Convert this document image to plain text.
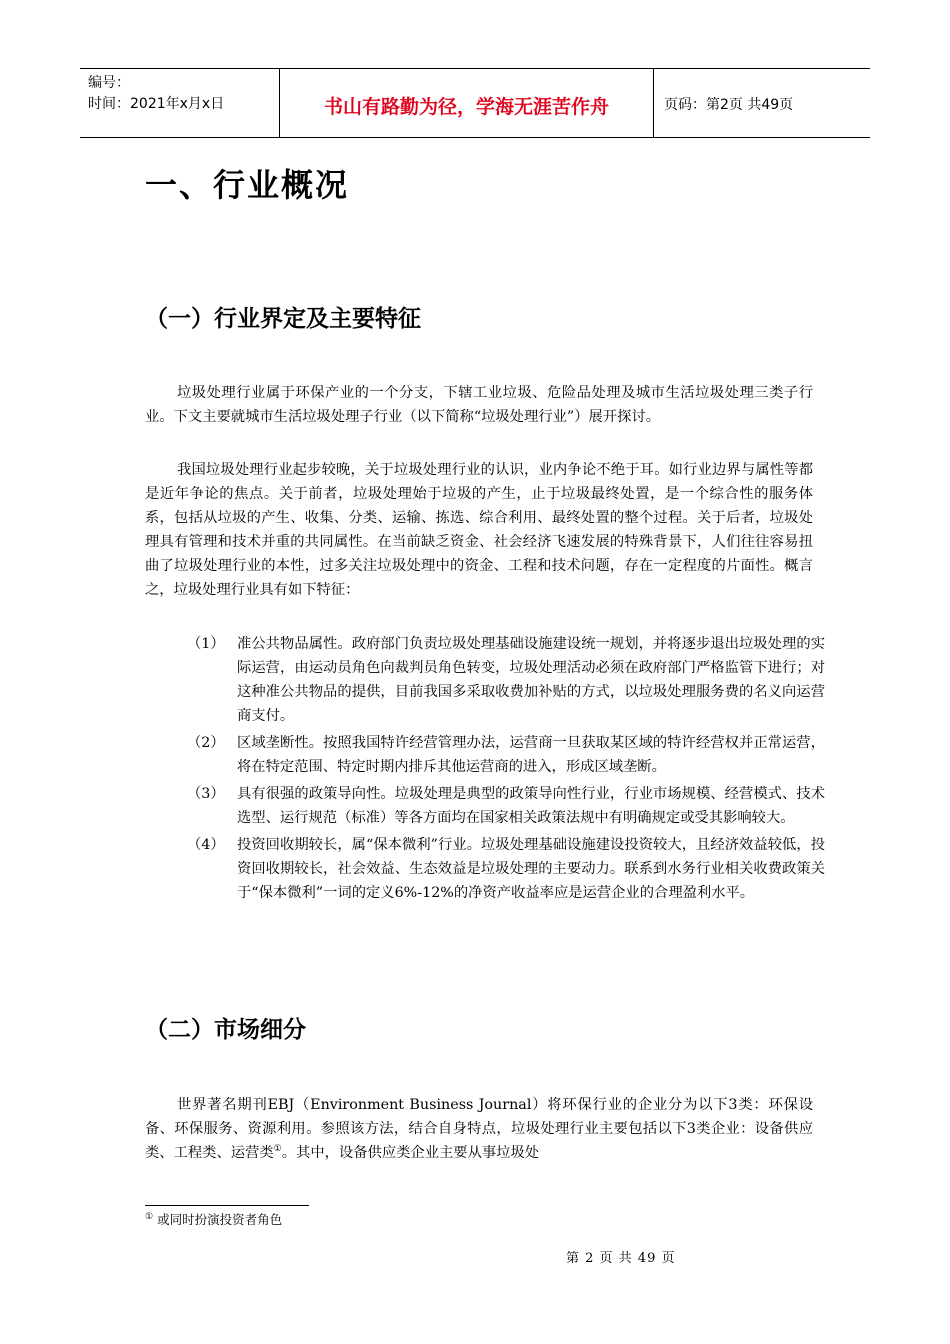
编号：
时间：2021年x月x日	书山有路勤为径，学海无涯苦作舟	页码：第2页 共49页
一、行业概况
（一）行业界定及主要特征

垃圾处理行业属于环保产业的一个分支，下辖工业垃圾、危险品处理及城市生活垃圾处理三类子行业。下文主要就城市生活垃圾处理子行业（以下简称“垃圾处理行业”）展开探讨。

我国垃圾处理行业起步较晚，关于垃圾处理行业的认识，业内争论不绝于耳。如行业边界与属性等都是近年争论的焦点。关于前者，垃圾处理始于垃圾的产生，止于垃圾最终处置，是一个综合性的服务体系，包括从垃圾的产生、收集、分类、运输、拣选、综合利用、最终处置的整个过程。关于后者，垃圾处理具有管理和技术并重的共同属性。在当前缺乏资金、社会经济飞速发展的特殊背景下，人们往往容易扭曲了垃圾处理行业的本性，过多关注垃圾处理中的资金、工程和技术问题，存在一定程度的片面性。概言之，垃圾处理行业具有如下特征：

（1） 准公共物品属性。政府部门负责垃圾处理基础设施建设统一规划，并将逐步退出垃圾处理的实际运营，由运动员角色向裁判员角色转变，垃圾处理活动必须在政府部门严格监管下进行；对这种准公共物品的提供，目前我国多采取收费加补贴的方式，以垃圾处理服务费的名义向运营商支付。
（2） 区域垄断性。按照我国特许经营管理办法，运营商一旦获取某区域的特许经营权并正常运营，将在特定范围、特定时期内排斥其他运营商的进入，形成区域垄断。
（3） 具有很强的政策导向性。垃圾处理是典型的政策导向性行业，行业市场规模、经营模式、技术选型、运行规范（标准）等各方面均在国家相关政策法规中有明确规定或受其影响较大。
（4） 投资回收期较长，属“保本微利”行业。垃圾处理基础设施建设投资较大，且经济效益较低，投资回收期较长，社会效益、生态效益是垃圾处理的主要动力。联系到水务行业相关收费政策关于“保本微利”一词的定义6%-12%的净资产收益率应是运营企业的合理盈利水平。
（二）市场细分

世界著名期刊EBJ（Environment Business Journal）将环保行业的企业分为以下3类：环保设备、环保服务、资源利用。参照该方法，结合自身特点，垃圾处理行业主要包括以下3类企业：设备供应类、工程类、运营类①。其中，设备供应类企业主要从事垃圾处

① 或同时扮演投资者角色
第 2 页 共 49 页
